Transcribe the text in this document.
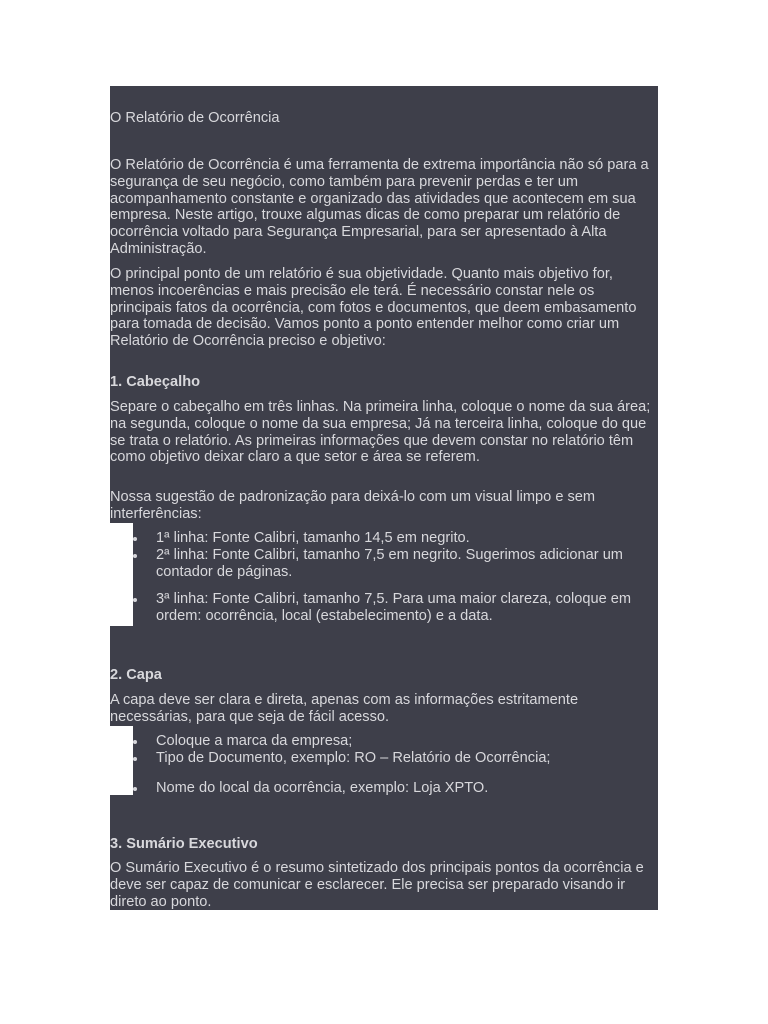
O Relatório de Ocorrência

O Relatório de Ocorrência é uma ferramenta de extrema importância não só para a segurança de seu negócio, como também para prevenir perdas e ter um acompanhamento constante e organizado das atividades que acontecem em sua empresa. Neste artigo, trouxe algumas dicas de como preparar um relatório de ocorrência voltado para Segurança Empresarial, para ser apresentado à Alta Administração.

O principal ponto de um relatório é sua objetividade. Quanto mais objetivo for, menos incoerências e mais precisão ele terá. É necessário constar nele os principais fatos da ocorrência, com fotos e documentos, que deem embasamento para tomada de decisão. Vamos ponto a ponto entender melhor como criar um Relatório de Ocorrência preciso e objetivo:

1. Cabeçalho

Separe o cabeçalho em três linhas. Na primeira linha, coloque o nome da sua área; na segunda, coloque o nome da sua empresa; Já na terceira linha, coloque do que se trata o relatório. As primeiras informações que devem constar no relatório têm como objetivo deixar claro a que setor e área se referem.

Nossa sugestão de padronização para deixá-lo com um visual limpo e sem interferências:

1ª linha: Fonte Calibri, tamanho 14,5 em negrito.
2ª linha: Fonte Calibri, tamanho 7,5 em negrito. Sugerimos adicionar um contador de páginas.
3ª linha: Fonte Calibri, tamanho 7,5. Para uma maior clareza, coloque em ordem: ocorrência, local (estabelecimento) e a data.
2. Capa

A capa deve ser clara e direta, apenas com as informações estritamente necessárias, para que seja de fácil acesso.

Coloque a marca da empresa;
Tipo de Documento, exemplo: RO – Relatório de Ocorrência;
Nome do local da ocorrência, exemplo: Loja XPTO.
3. Sumário Executivo

O Sumário Executivo é o resumo sintetizado dos principais pontos da ocorrência e deve ser capaz de comunicar e esclarecer. Ele precisa ser preparado visando ir direto ao ponto.
